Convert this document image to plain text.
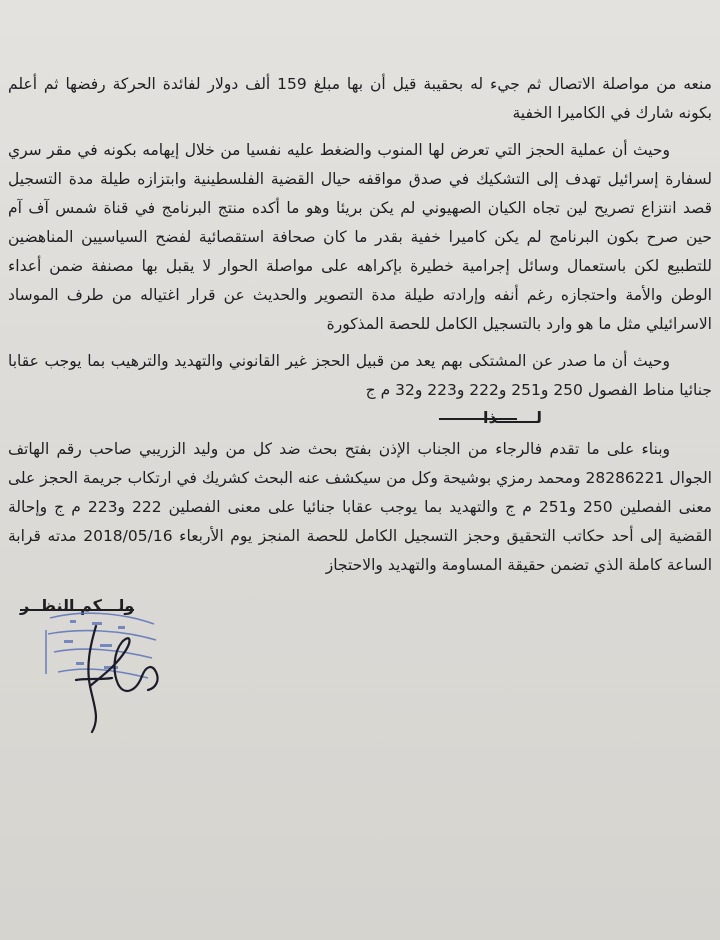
منعه من مواصلة الاتصال ثم جيء له بحقيبة قيل أن بها مبلغ 159 ألف دولار لفائدة الحركة رفضها ثم أعلم بكونه شارك في الكاميرا الخفية

وحيث أن عملية الحجز التي تعرض لها المنوب والضغط عليه نفسيا من خلال إيهامه بكونه في مقر سري لسفارة إسرائيل تهدف إلى التشكيك في صدق مواقفه حيال القضية الفلسطينية وابتزازه طيلة مدة التسجيل قصد انتزاع تصريح لين تجاه الكيان الصهيوني لم يكن بريئا وهو ما أكده منتج البرنامج في قناة شمس آف آم حين صرح بكون البرنامج لم يكن كاميرا خفية بقدر ما كان صحافة استقصائية لفضح السياسيين المناهضين للتطبيع لكن باستعمال وسائل إجرامية خطيرة بإكراهه على مواصلة الحوار لا يقبل بها مصنفة ضمن أعداء الوطن والأمة واحتجازه رغم أنفه وإرادته طيلة مدة التصوير والحديث عن قرار اغتياله من طرف الموساد الاسرائيلي مثل ما هو وارد بالتسجيل الكامل للحصة المذكورة

وحيث أن ما صدر عن المشتكى بهم يعد من قبيل الحجز غير القانوني والتهديد والترهيب بما يوجب عقابا جنائيا مناط الفصول 250 و251 و222 و223 و32 م ج

لـــــــذا

وبناء على ما تقدم فالرجاء من الجناب الإذن بفتح بحث ضد كل من وليد الزريبي صاحب رقم الهاتف الجوال 28286221 ومحمد رمزي بوشيحة وكل من سيكشف عنه البحث كشريك في ارتكاب جريمة الحجز على معنى الفصلين 250 و251 م ج والتهديد بما يوجب عقابا جنائيا على معنى الفصلين 222 و223 م ج وإحالة القضية إلى أحد حكاتب التحقيق وحجز التسجيل الكامل للحصة المنجز يوم الأربعاء 2018/05/16 مدته قرابة الساعة كاملة الذي تضمن حقيقة المساومة والتهديد والاحتجاز

ولـــكم النظــر
